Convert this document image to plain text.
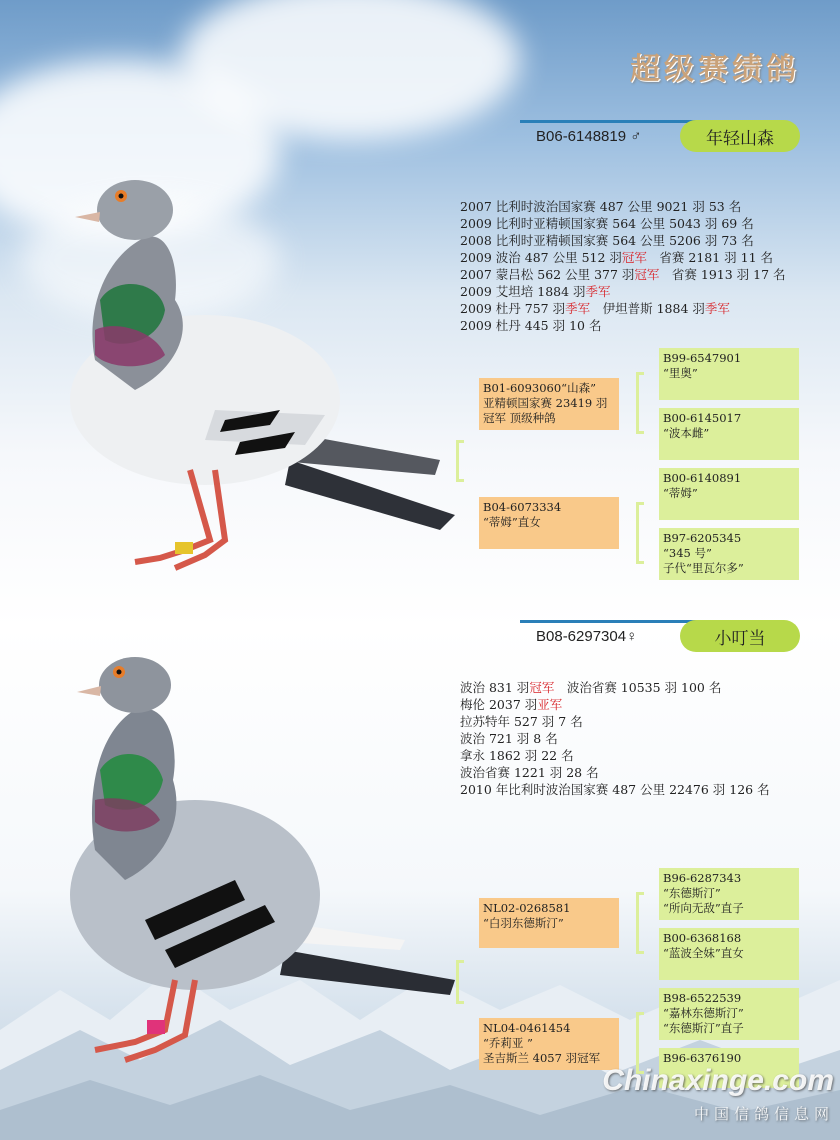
超级赛绩鸽
B06-6148819 ♂	年轻山森
2007 比利时波治国家赛 487 公里 9021 羽 53 名
2009 比利时亚精顿国家赛 564 公里 5043 羽 69 名
2008 比利时亚精顿国家赛 564 公里 5206 羽 73 名
2009 波治 487 公里 512 羽冠军　省赛 2181 羽 11 名
2007 蒙吕松 562 公里 377 羽冠军　省赛 1913 羽 17 名
2009 艾坦培 1884 羽季军
2009 杜丹 757 羽季军　伊坦普斯 1884 羽季军
2009 杜丹 445 羽 10 名
B01-6093060“山森”
亚精顿国家赛 23419 羽
冠军 顶级种鸽
B04-6073334
“蒂姆”直女
B99-6547901
“里奥”
B00-6145017
“波本雌”
B00-6140891
“蒂姆”
B97-6205345
“345 号”
子代“里瓦尔多”
B08-6297304♀	小叮当
波治 831 羽冠军　波治省赛 10535 羽 100 名
梅伦 2037 羽亚军
拉苏特年 527 羽 7 名
波治 721 羽 8 名
拿永 1862 羽 22 名
波治省赛 1221 羽 28 名
2010 年比利时波治国家赛 487 公里 22476 羽 126 名
NL02-0268581
“白羽东德斯汀”
NL04-0461454
“乔莉亚 ”
圣吉斯兰 4057 羽冠军
B96-6287343
“东德斯汀”
“所向无敌”直子
B00-6368168
“蓝波全妹”直女
B98-6522539
“嘉林东德斯汀”
“东德斯汀”直子
B96-6376190
Chinaxinge.com
中国信鸽信息网
